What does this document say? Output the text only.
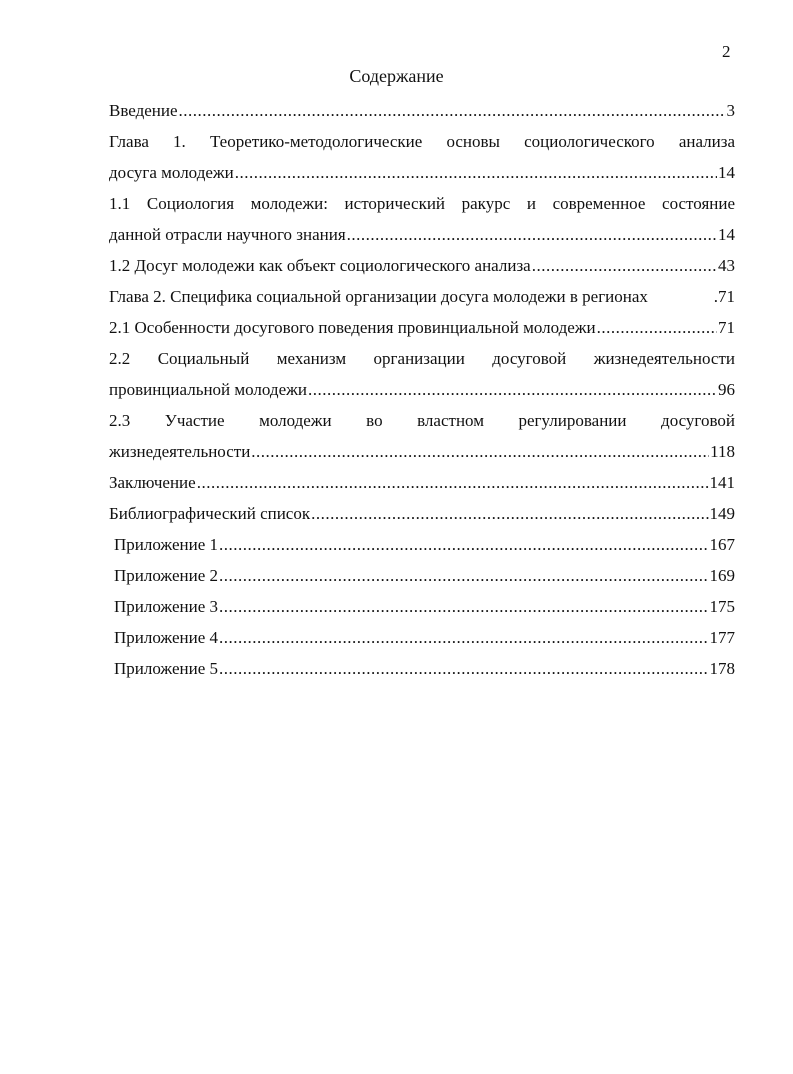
2
Содержание
Введение .....	3
Глава 1. Теоретико-методологические основы социологического анализа
досуга молодежи .....	14
1.1 Социология молодежи: исторический ракурс и современное состояние
данной отрасли научного знания .....	14
1.2 Досуг молодежи как объект социологического анализа .....	43
Глава 2. Специфика социальной организации досуга молодежи в регионах	.71
2.1 Особенности досугового поведения провинциальной молодежи .....	71
2.2 Социальный механизм организации досуговой жизнедеятельности
провинциальной молодежи .....	96
2.3 Участие молодежи во властном регулировании досуговой
жизнедеятельности .....	118
Заключение .....	141
Библиографический список .....	149
Приложение 1 .....	167
Приложение 2 .....	169
Приложение 3 .....	175
Приложение 4 .....	177
Приложение 5 .....	178
